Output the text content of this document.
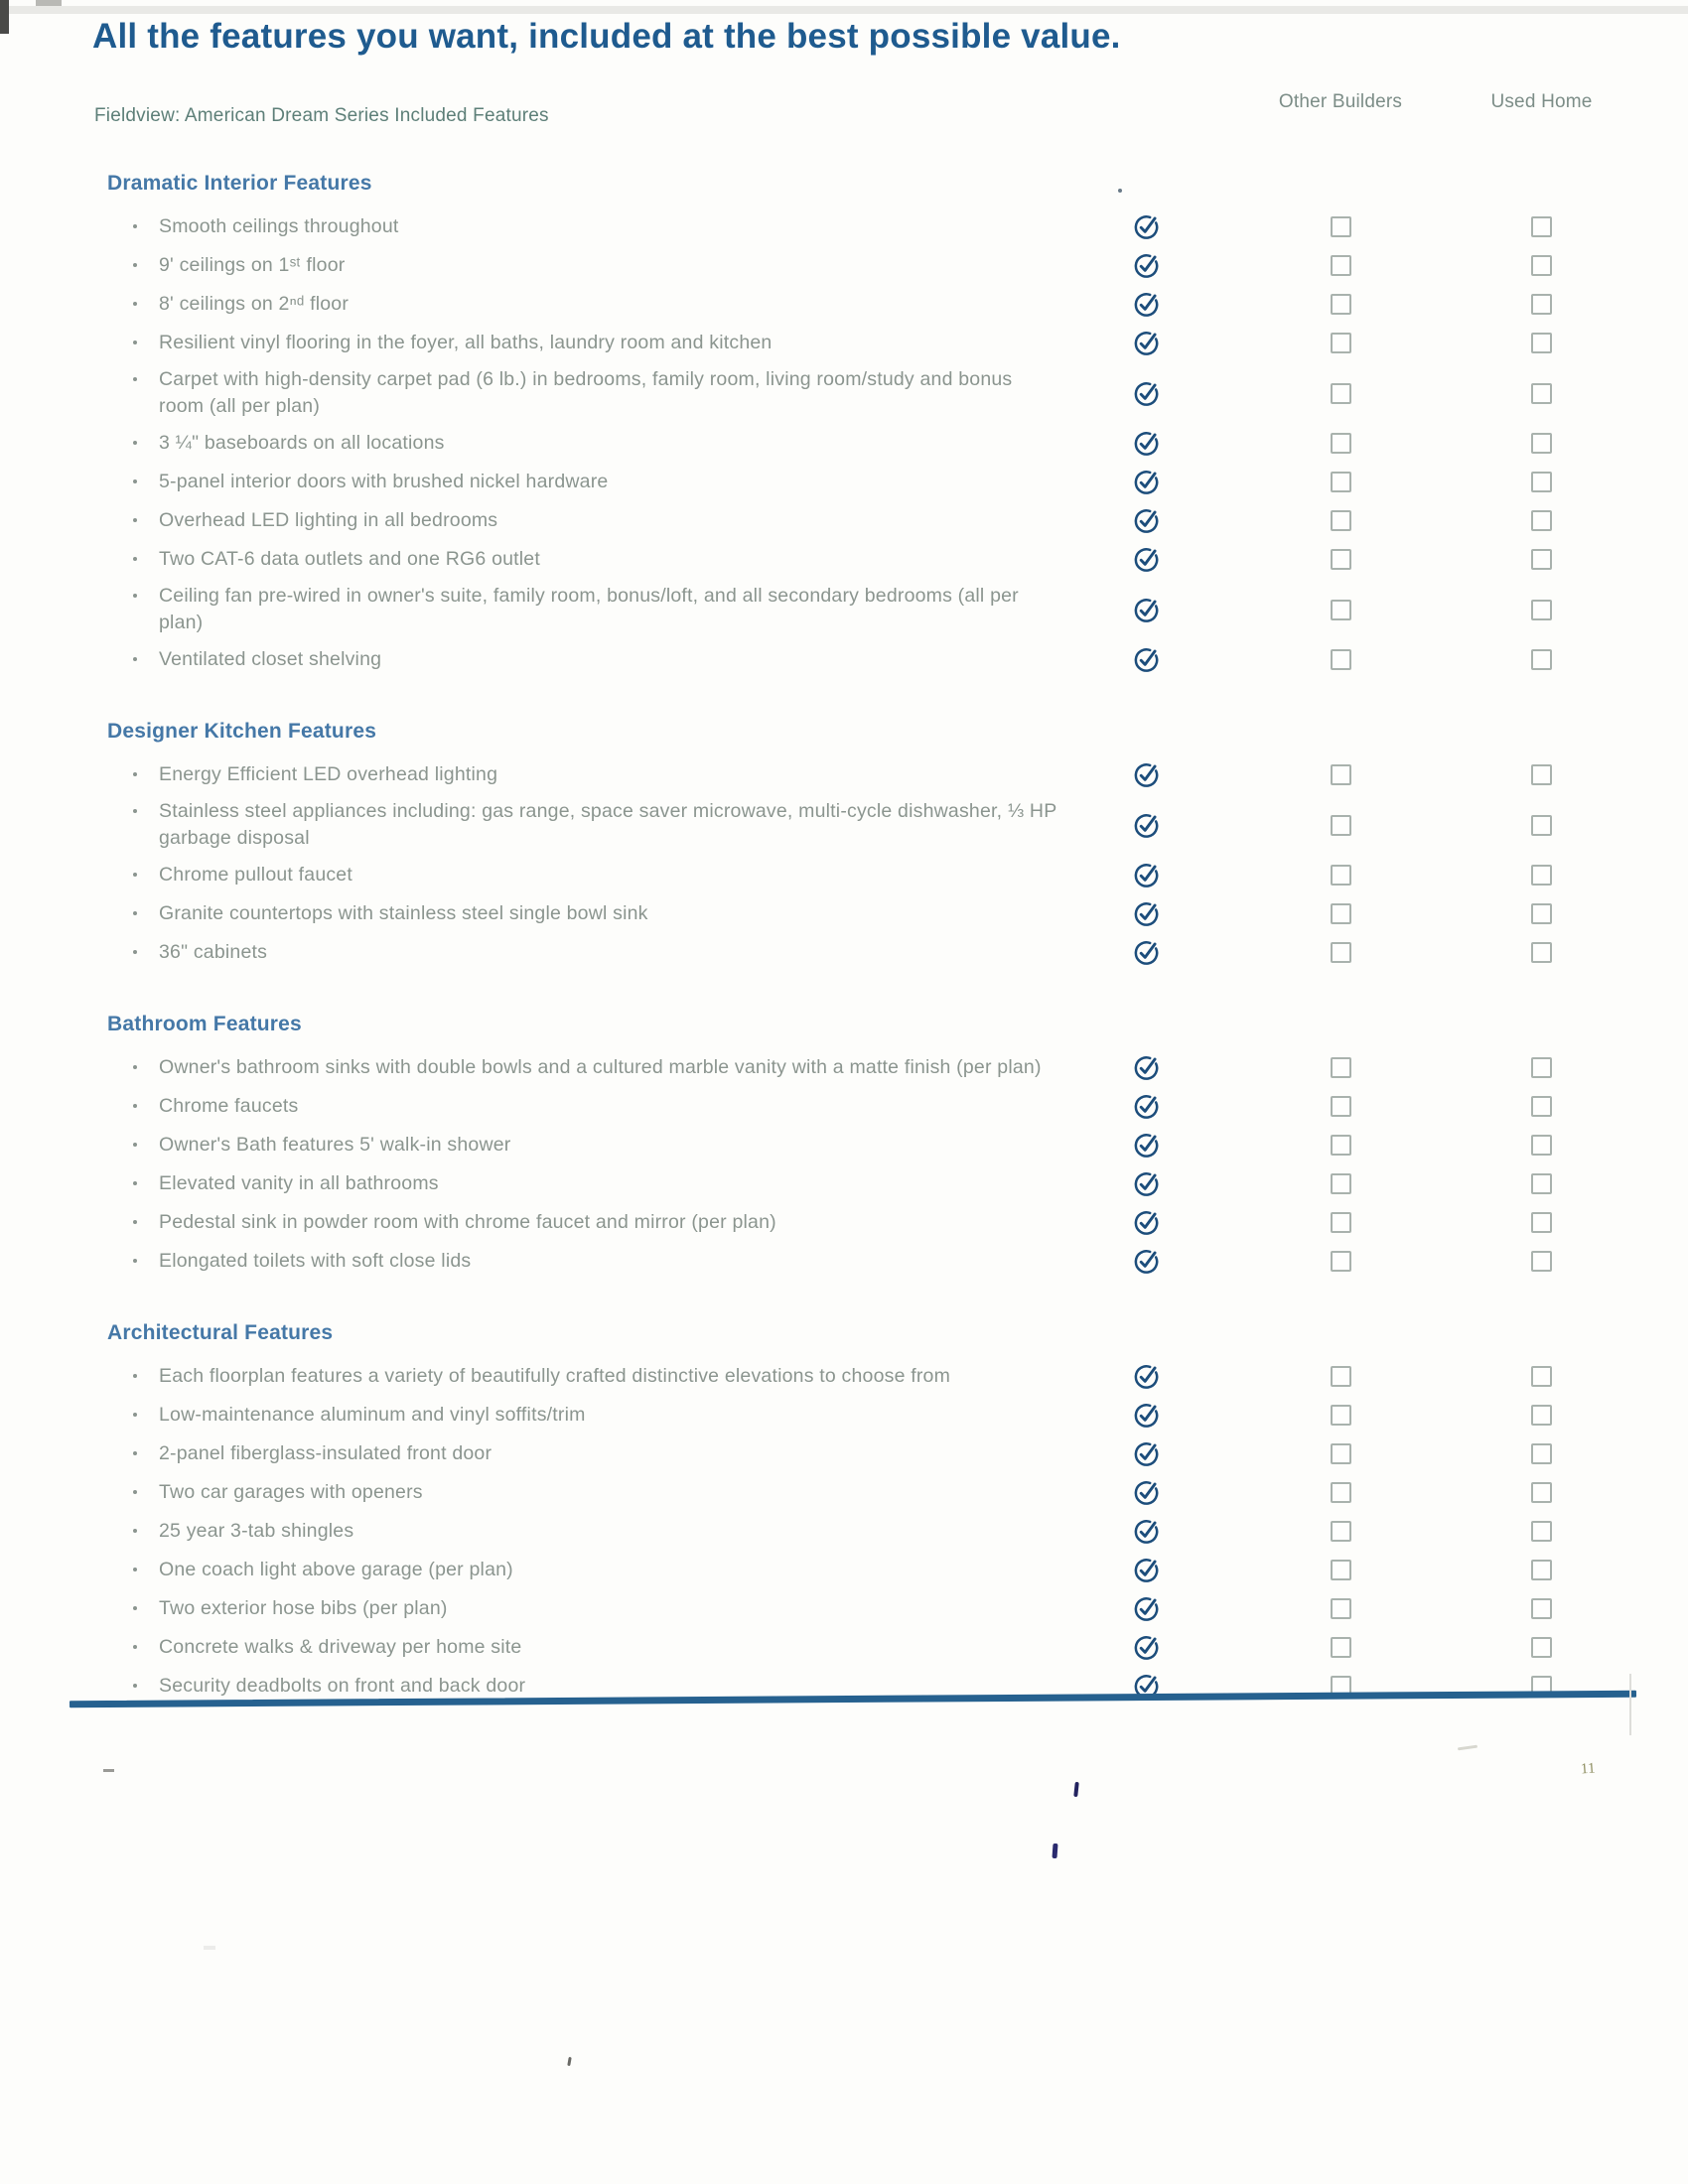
All the features you want, included at the best possible value.
Fieldview: American Dream Series Included Features
Other Builders	Used Home
Dramatic Interior Features
Smooth ceilings throughout
9' ceilings on 1ˢᵗ floor
8' ceilings on 2ⁿᵈ floor
Resilient vinyl flooring in the foyer, all baths, laundry room and kitchen
Carpet with high-density carpet pad (6 lb.) in bedrooms, family room, living room/study and bonus room (all per plan)
3 ¼" baseboards on all locations
5-panel interior doors with brushed nickel hardware
Overhead LED lighting in all bedrooms
Two CAT-6 data outlets and one RG6 outlet
Ceiling fan pre-wired in owner's suite, family room, bonus/loft, and all secondary bedrooms (all per plan)
Ventilated closet shelving
Designer Kitchen Features
Energy Efficient LED overhead lighting
Stainless steel appliances including: gas range, space saver microwave, multi-cycle dishwasher, ⅓ HP garbage disposal
Chrome pullout faucet
Granite countertops with stainless steel single bowl sink
36" cabinets
Bathroom Features
Owner's bathroom sinks with double bowls and a cultured marble vanity with a matte finish (per plan)
Chrome faucets
Owner's Bath features 5' walk-in shower
Elevated vanity in all bathrooms
Pedestal sink in powder room with chrome faucet and mirror (per plan)
Elongated toilets with soft close lids
Architectural Features
Each floorplan features a variety of beautifully crafted distinctive elevations to choose from
Low-maintenance aluminum and vinyl soffits/trim
2-panel fiberglass-insulated front door
Two car garages with openers
25 year 3-tab shingles
One coach light above garage (per plan)
Two exterior hose bibs (per plan)
Concrete walks & driveway per home site
Security deadbolts on front and back door
11
